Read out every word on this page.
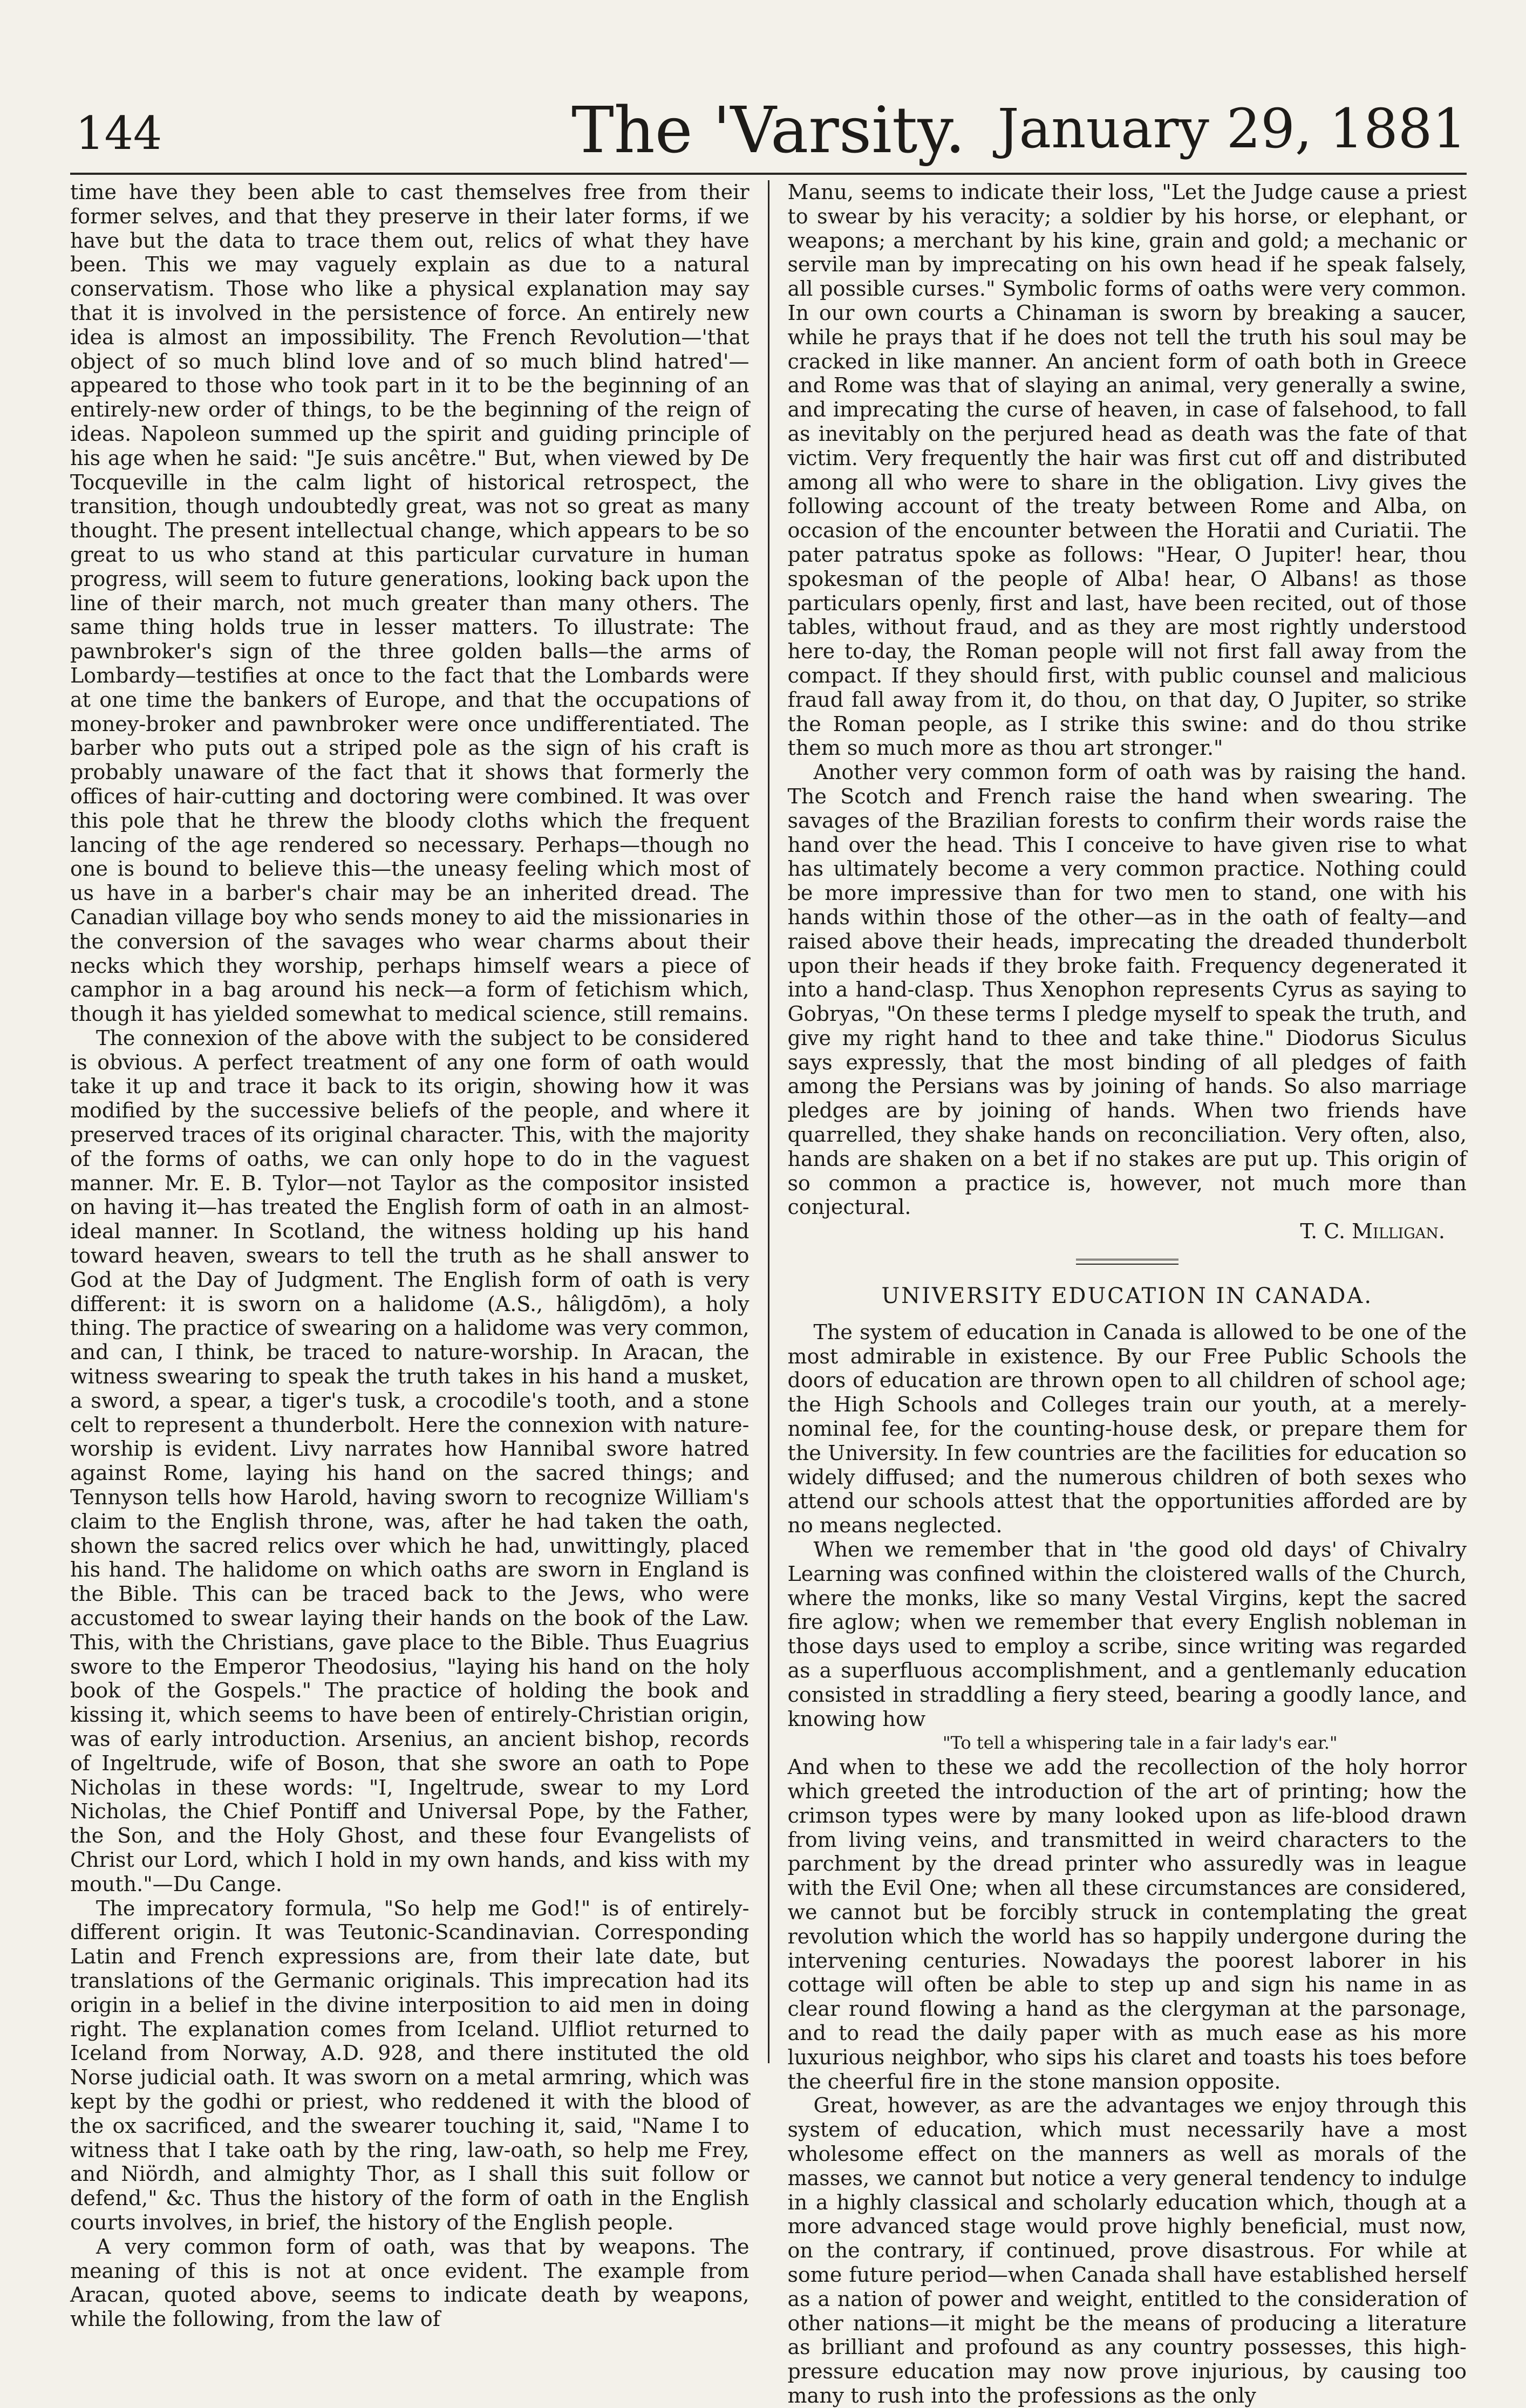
144	The 'Varsity. January 29, 1881

time have they been able to cast themselves free from their former selves, and that they preserve in their later forms, if we have but the data to trace them out, relics of what they have been. This we may vaguely explain as due to a natural conservatism. Those who like a physical explanation may say that it is involved in the persistence of force. An entirely new idea is almost an impossibility. The French Revolution—'that object of so much blind love and of so much blind hatred'—appeared to those who took part in it to be the beginning of an entirely-new order of things, to be the beginning of the reign of ideas. Napoleon summed up the spirit and guiding principle of his age when he said: "Je suis ancêtre." But, when viewed by De Tocqueville in the calm light of historical retrospect, the transition, though undoubtedly great, was not so great as many thought. The present intellectual change, which appears to be so great to us who stand at this particular curvature in human progress, will seem to future generations, looking back upon the line of their march, not much greater than many others. The same thing holds true in lesser matters. To illustrate: The pawnbroker's sign of the three golden balls—the arms of Lombardy—testifies at once to the fact that the Lombards were at one time the bankers of Europe, and that the occupations of money-broker and pawnbroker were once undifferentiated. The barber who puts out a striped pole as the sign of his craft is probably unaware of the fact that it shows that formerly the offices of hair-cutting and doctoring were combined. It was over this pole that he threw the bloody cloths which the frequent lancing of the age rendered so necessary. Perhaps—though no one is bound to believe this—the uneasy feeling which most of us have in a barber's chair may be an inherited dread. The Canadian village boy who sends money to aid the missionaries in the conversion of the savages who wear charms about their necks which they worship, perhaps himself wears a piece of camphor in a bag around his neck—a form of fetichism which, though it has yielded somewhat to medical science, still remains.

The connexion of the above with the subject to be considered is obvious. A perfect treatment of any one form of oath would take it up and trace it back to its origin, showing how it was modified by the successive beliefs of the people, and where it preserved traces of its original character. This, with the majority of the forms of oaths, we can only hope to do in the vaguest manner. Mr. E. B. Tylor—not Taylor as the compositor insisted on having it—has treated the English form of oath in an almost-ideal manner. In Scotland, the witness holding up his hand toward heaven, swears to tell the truth as he shall answer to God at the Day of Judgment. The English form of oath is very different: it is sworn on a halidome (A.S., hâligdōm), a holy thing. The practice of swearing on a halidome was very common, and can, I think, be traced to nature-worship. In Aracan, the witness swearing to speak the truth takes in his hand a musket, a sword, a spear, a tiger's tusk, a crocodile's tooth, and a stone celt to represent a thunderbolt. Here the connexion with nature-worship is evident. Livy narrates how Hannibal swore hatred against Rome, laying his hand on the sacred things; and Tennyson tells how Harold, having sworn to recognize William's claim to the English throne, was, after he had taken the oath, shown the sacred relics over which he had, unwittingly, placed his hand. The halidome on which oaths are sworn in England is the Bible. This can be traced back to the Jews, who were accustomed to swear laying their hands on the book of the Law. This, with the Christians, gave place to the Bible. Thus Euagrius swore to the Emperor Theodosius, "laying his hand on the holy book of the Gospels." The practice of holding the book and kissing it, which seems to have been of entirely-Christian origin, was of early introduction. Arsenius, an ancient bishop, records of Ingeltrude, wife of Boson, that she swore an oath to Pope Nicholas in these words: "I, Ingeltrude, swear to my Lord Nicholas, the Chief Pontiff and Universal Pope, by the Father, the Son, and the Holy Ghost, and these four Evangelists of Christ our Lord, which I hold in my own hands, and kiss with my mouth."—Du Cange.

The imprecatory formula, "So help me God!" is of entirely-different origin. It was Teutonic-Scandinavian. Corresponding Latin and French expressions are, from their late date, but translations of the Germanic originals. This imprecation had its origin in a belief in the divine interposition to aid men in doing right. The explanation comes from Iceland. Ulfliot returned to Iceland from Norway, A.D. 928, and there instituted the old Norse judicial oath. It was sworn on a metal armring, which was kept by the godhi or priest, who reddened it with the blood of the ox sacrificed, and the swearer touching it, said, "Name I to witness that I take oath by the ring, law-oath, so help me Frey, and Niördh, and almighty Thor, as I shall this suit follow or defend," &c. Thus the history of the form of oath in the English courts involves, in brief, the history of the English people.

A very common form of oath, was that by weapons. The meaning of this is not at once evident. The example from Aracan, quoted above, seems to indicate death by weapons, while the following, from the law of

Manu, seems to indicate their loss, "Let the Judge cause a priest to swear by his veracity; a soldier by his horse, or elephant, or weapons; a merchant by his kine, grain and gold; a mechanic or servile man by imprecating on his own head if he speak falsely, all possible curses." Symbolic forms of oaths were very common. In our own courts a Chinaman is sworn by breaking a saucer, while he prays that if he does not tell the truth his soul may be cracked in like manner. An ancient form of oath both in Greece and Rome was that of slaying an animal, very generally a swine, and imprecating the curse of heaven, in case of falsehood, to fall as inevitably on the perjured head as death was the fate of that victim. Very frequently the hair was first cut off and distributed among all who were to share in the obligation. Livy gives the following account of the treaty between Rome and Alba, on occasion of the encounter between the Horatii and Curiatii. The pater patratus spoke as follows: "Hear, O Jupiter! hear, thou spokesman of the people of Alba! hear, O Albans! as those particulars openly, first and last, have been recited, out of those tables, without fraud, and as they are most rightly understood here to-day, the Roman people will not first fall away from the compact. If they should first, with public counsel and malicious fraud fall away from it, do thou, on that day, O Jupiter, so strike the Roman people, as I strike this swine: and do thou strike them so much more as thou art stronger."

Another very common form of oath was by raising the hand. The Scotch and French raise the hand when swearing. The savages of the Brazilian forests to confirm their words raise the hand over the head. This I conceive to have given rise to what has ultimately become a very common practice. Nothing could be more impressive than for two men to stand, one with his hands within those of the other—as in the oath of fealty—and raised above their heads, imprecating the dreaded thunderbolt upon their heads if they broke faith. Frequency degenerated it into a hand-clasp. Thus Xenophon represents Cyrus as saying to Gobryas, "On these terms I pledge myself to speak the truth, and give my right hand to thee and take thine." Diodorus Siculus says expressly, that the most binding of all pledges of faith among the Persians was by joining of hands. So also marriage pledges are by joining of hands. When two friends have quarrelled, they shake hands on reconciliation. Very often, also, hands are shaken on a bet if no stakes are put up. This origin of so common a practice is, however, not much more than conjectural.

T. C. Milligan.
UNIVERSITY EDUCATION IN CANADA.

The system of education in Canada is allowed to be one of the most admirable in existence. By our Free Public Schools the doors of education are thrown open to all children of school age; the High Schools and Colleges train our youth, at a merely-nominal fee, for the counting-house desk, or prepare them for the University. In few countries are the facilities for education so widely diffused; and the numerous children of both sexes who attend our schools attest that the opportunities afforded are by no means neglected.

When we remember that in 'the good old days' of Chivalry Learning was confined within the cloistered walls of the Church, where the monks, like so many Vestal Virgins, kept the sacred fire aglow; when we remember that every English nobleman in those days used to employ a scribe, since writing was regarded as a superfluous accomplishment, and a gentlemanly education consisted in straddling a fiery steed, bearing a goodly lance, and knowing how

"To tell a whispering tale in a fair lady's ear."

And when to these we add the recollection of the holy horror which greeted the introduction of the art of printing; how the crimson types were by many looked upon as life-blood drawn from living veins, and transmitted in weird characters to the parchment by the dread printer who assuredly was in league with the Evil One; when all these circumstances are considered, we cannot but be forcibly struck in contemplating the great revolution which the world has so happily undergone during the intervening centuries. Nowadays the poorest laborer in his cottage will often be able to step up and sign his name in as clear round flowing a hand as the clergyman at the parsonage, and to read the daily paper with as much ease as his more luxurious neighbor, who sips his claret and toasts his toes before the cheerful fire in the stone mansion opposite.

Great, however, as are the advantages we enjoy through this system of education, which must necessarily have a most wholesome effect on the manners as well as morals of the masses, we cannot but notice a very general tendency to indulge in a highly classical and scholarly education which, though at a more advanced stage would prove highly beneficial, must now, on the contrary, if continued, prove disastrous. For while at some future period—when Canada shall have established herself as a nation of power and weight, entitled to the consideration of other nations—it might be the means of producing a literature as brilliant and profound as any country possesses, this high-pressure education may now prove injurious, by causing too many to rush into the professions as the only
